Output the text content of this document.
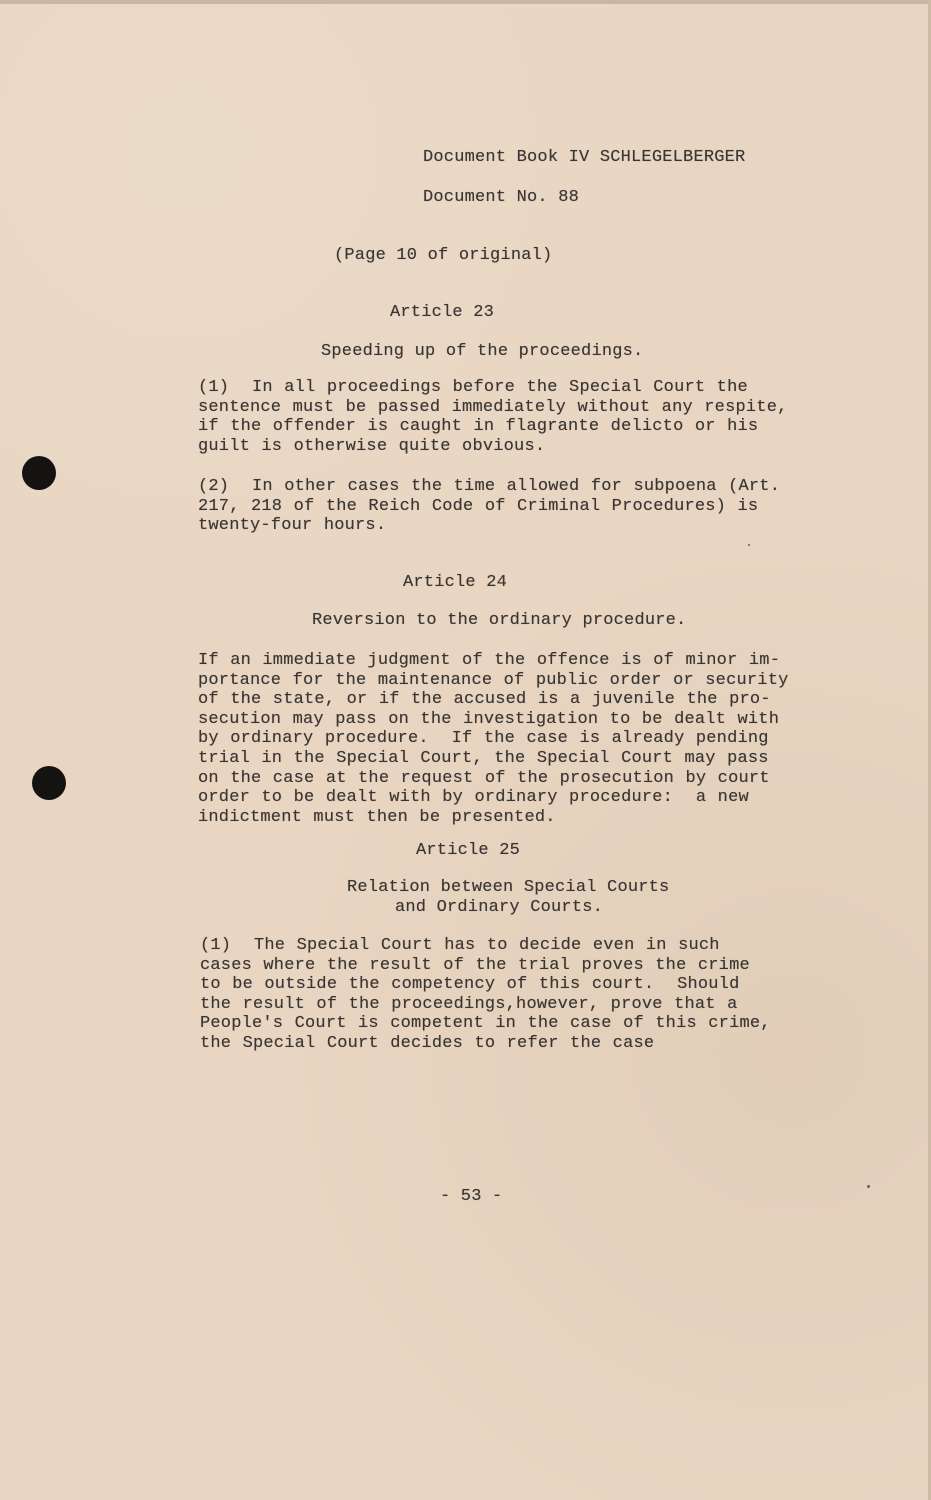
Document Book IV SCHLEGELBERGER
Document No. 88
(Page 10 of original)
Article 23
Speeding up of the proceedings.
(1)  In all proceedings before the Special Court the
sentence must be passed immediately without any respite,
if the offender is caught in flagrante delicto or his
guilt is otherwise quite obvious.
(2)  In other cases the time allowed for subpoena (Art.
217, 218 of the Reich Code of Criminal Procedures) is
twenty-four hours.
Article 24
Reversion to the ordinary procedure.
If an immediate judgment of the offence is of minor im-
portance for the maintenance of public order or security
of the state, or if the accused is a juvenile the pro-
secution may pass on the investigation to be dealt with
by ordinary procedure.  If the case is already pending
trial in the Special Court, the Special Court may pass
on the case at the request of the prosecution by court
order to be dealt with by ordinary procedure:  a new
indictment must then be presented.
Article 25
Relation between Special Courts
and Ordinary Courts.
(1)  The Special Court has to decide even in such
cases where the result of the trial proves the crime
to be outside the competency of this court.  Should
the result of the proceedings,however, prove that a
People's Court is competent in the case of this crime,
the Special Court decides to refer the case
- 53 -
